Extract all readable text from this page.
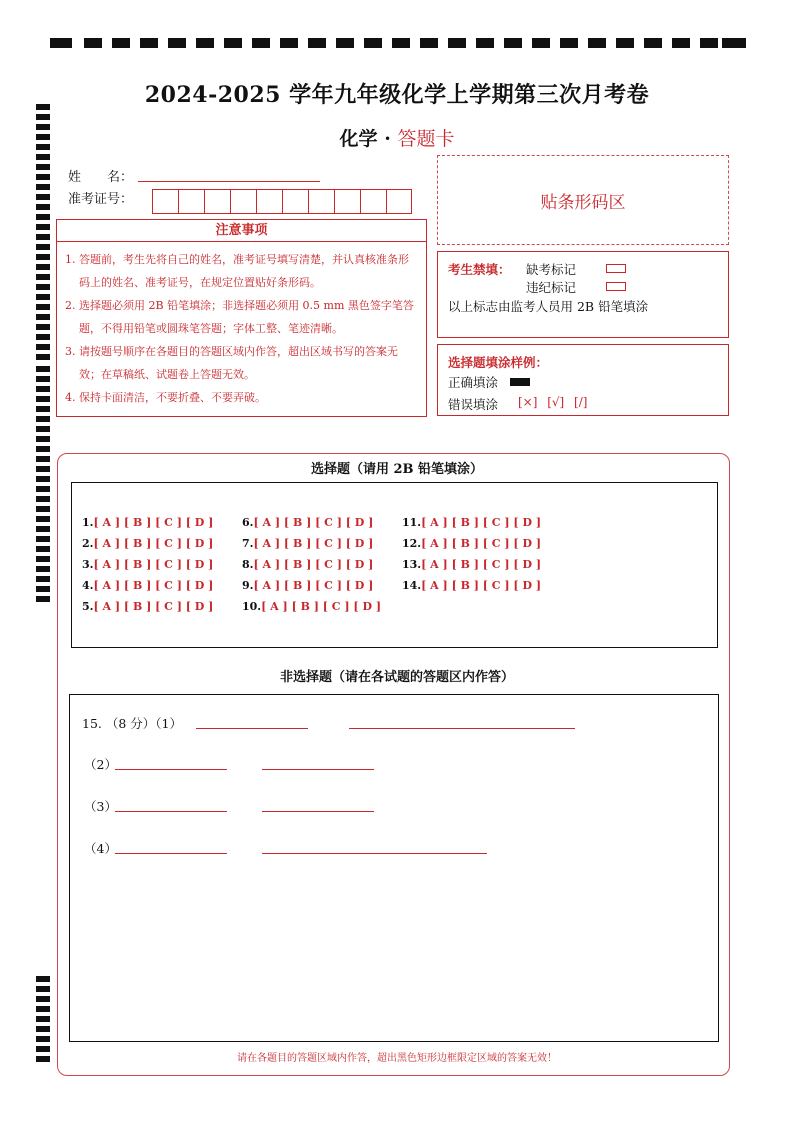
2024-2025 学年九年级化学上学期第三次月考卷
化学 · 答题卡
姓　　名：
准考证号：	贴条形码区
注意事项

1. 答题前，考生先将自己的姓名，准考证号填写清楚，并认真核准条形码上的姓名、准考证号，在规定位置贴好条形码。

2. 选择题必须用 2B 铅笔填涂；非选择题必须用 0.5 mm 黑色签字笔答题，不得用铅笔或圆珠笔答题；字体工整、笔迹清晰。

3. 请按题号顺序在各题目的答题区域内作答，超出区域书写的答案无效；在草稿纸、试题卷上答题无效。

4. 保持卡面清洁，不要折叠、不要弄破。

考生禁填： 缺考标记
违纪标记
以上标志由监考人员用 2B 铅笔填涂
选择题填涂样例：
正确填涂
错误填涂 [×] [√] [/]
选择题（请用 2B 铅笔填涂）
1.[ A ] [ B ] [ C ] [ D ]
2.[ A ] [ B ] [ C ] [ D ]
3.[ A ] [ B ] [ C ] [ D ]
4.[ A ] [ B ] [ C ] [ D ]
5.[ A ] [ B ] [ C ] [ D ]
6.[ A ] [ B ] [ C ] [ D ]
7.[ A ] [ B ] [ C ] [ D ]
8.[ A ] [ B ] [ C ] [ D ]
9.[ A ] [ B ] [ C ] [ D ]
10.[ A ] [ B ] [ C ] [ D ]
11.[ A ] [ B ] [ C ] [ D ]
12.[ A ] [ B ] [ C ] [ D ]
13.[ A ] [ B ] [ C ] [ D ]
14.[ A ] [ B ] [ C ] [ D ]
非选择题（请在各试题的答题区内作答）
15. （8 分）（1）
（2）
（3）
（4）
请在各题目的答题区域内作答，超出黑色矩形边框限定区域的答案无效！
